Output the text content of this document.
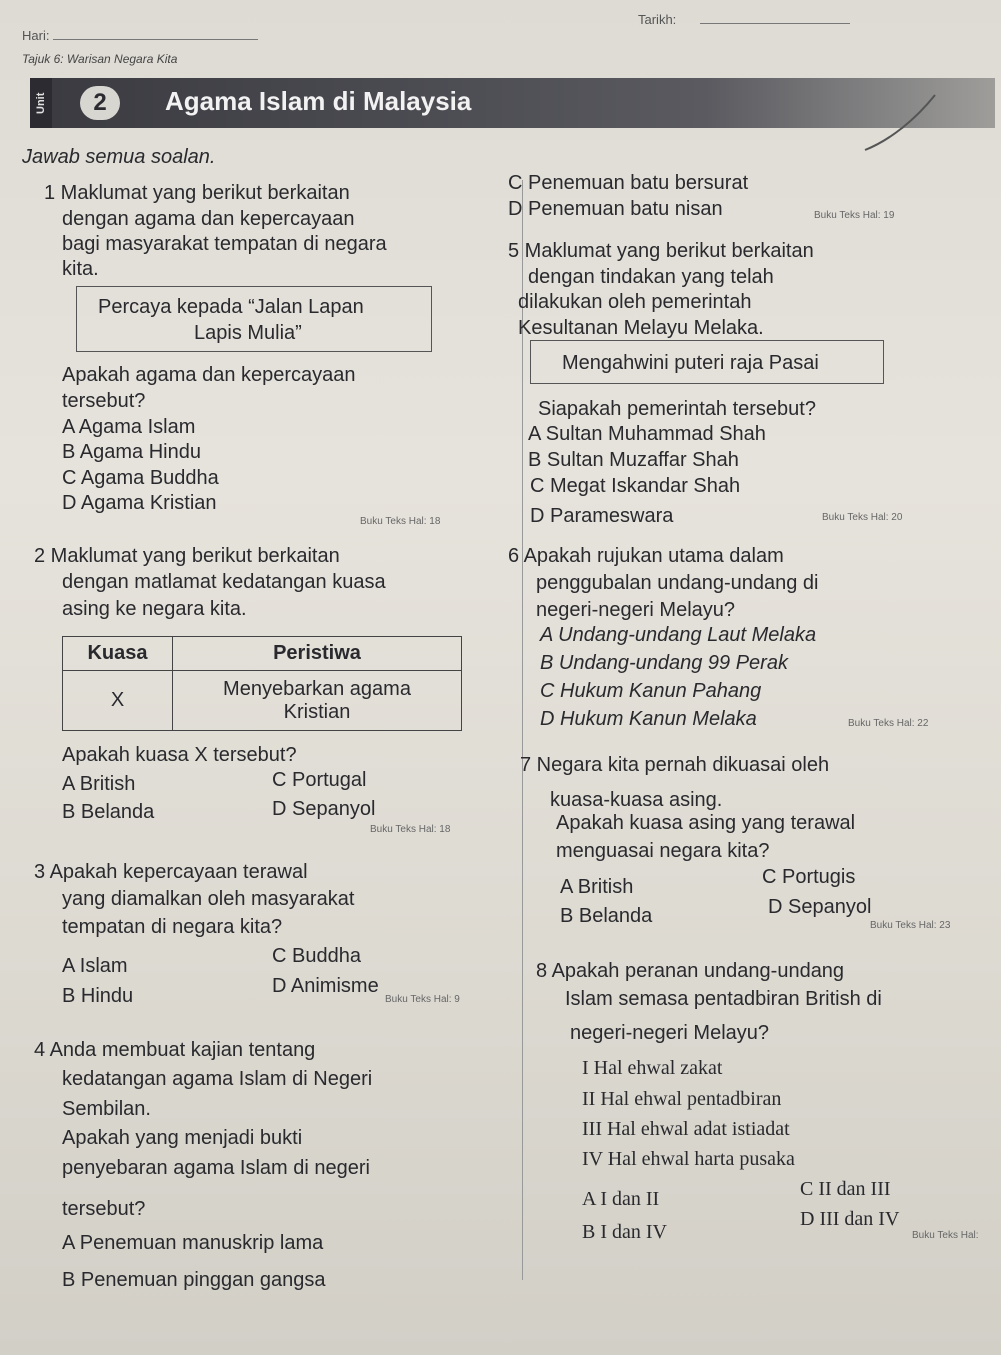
Hari:
Tarikh:
Tajuk 6: Warisan Negara Kita
Unit	2	Agama Islam di Malaysia
Jawab semua soalan.
1 Maklumat yang berikut berkaitan
dengan agama dan kepercayaan
bagi masyarakat tempatan di negara
kita.
Percaya kepada “Jalan Lapan
Lapis Mulia”
Apakah agama dan kepercayaan
tersebut?
A Agama Islam
B Agama Hindu
C Agama Buddha
D Agama Kristian
Buku Teks Hal: 18
2 Maklumat yang berikut berkaitan
dengan matlamat kedatangan kuasa
asing ke negara kita.
Kuasa	Peristiwa
X	Menyebarkan agama
Kristian
Apakah kuasa X tersebut?
A British	C Portugal
B Belanda	D Sepanyol
Buku Teks Hal: 18
3 Apakah kepercayaan terawal
yang diamalkan oleh masyarakat
tempatan di negara kita?
A Islam	C Buddha
B Hindu	D Animisme
Buku Teks Hal: 9
4 Anda membuat kajian tentang
kedatangan agama Islam di Negeri
Sembilan.
Apakah yang menjadi bukti
penyebaran agama Islam di negeri
tersebut?
A Penemuan manuskrip lama
B Penemuan pinggan gangsa
C Penemuan batu bersurat
D Penemuan batu nisan	Buku Teks Hal: 19
5 Maklumat yang berikut berkaitan
dengan tindakan yang telah
dilakukan oleh pemerintah
Kesultanan Melayu Melaka.
Mengahwini puteri raja Pasai
Siapakah pemerintah tersebut?
A Sultan Muhammad Shah
B Sultan Muzaffar Shah
C Megat Iskandar Shah
D Parameswara	Buku Teks Hal: 20
6 Apakah rujukan utama dalam
penggubalan undang-undang di
negeri-negeri Melayu?
A Undang-undang Laut Melaka
B Undang-undang 99 Perak
C Hukum Kanun Pahang
D Hukum Kanun Melaka	Buku Teks Hal: 22
7 Negara kita pernah dikuasai oleh
kuasa-kuasa asing.
Apakah kuasa asing yang terawal
menguasai negara kita?
A British	C Portugis
B Belanda	D Sepanyol
Buku Teks Hal: 23
8 Apakah peranan undang-undang
Islam semasa pentadbiran British di
negeri-negeri Melayu?
I Hal ehwal zakat
II Hal ehwal pentadbiran
III Hal ehwal adat istiadat
IV Hal ehwal harta pusaka
A I dan II	C II dan III
B I dan IV
D III dan IV
Buku Teks Hal:
